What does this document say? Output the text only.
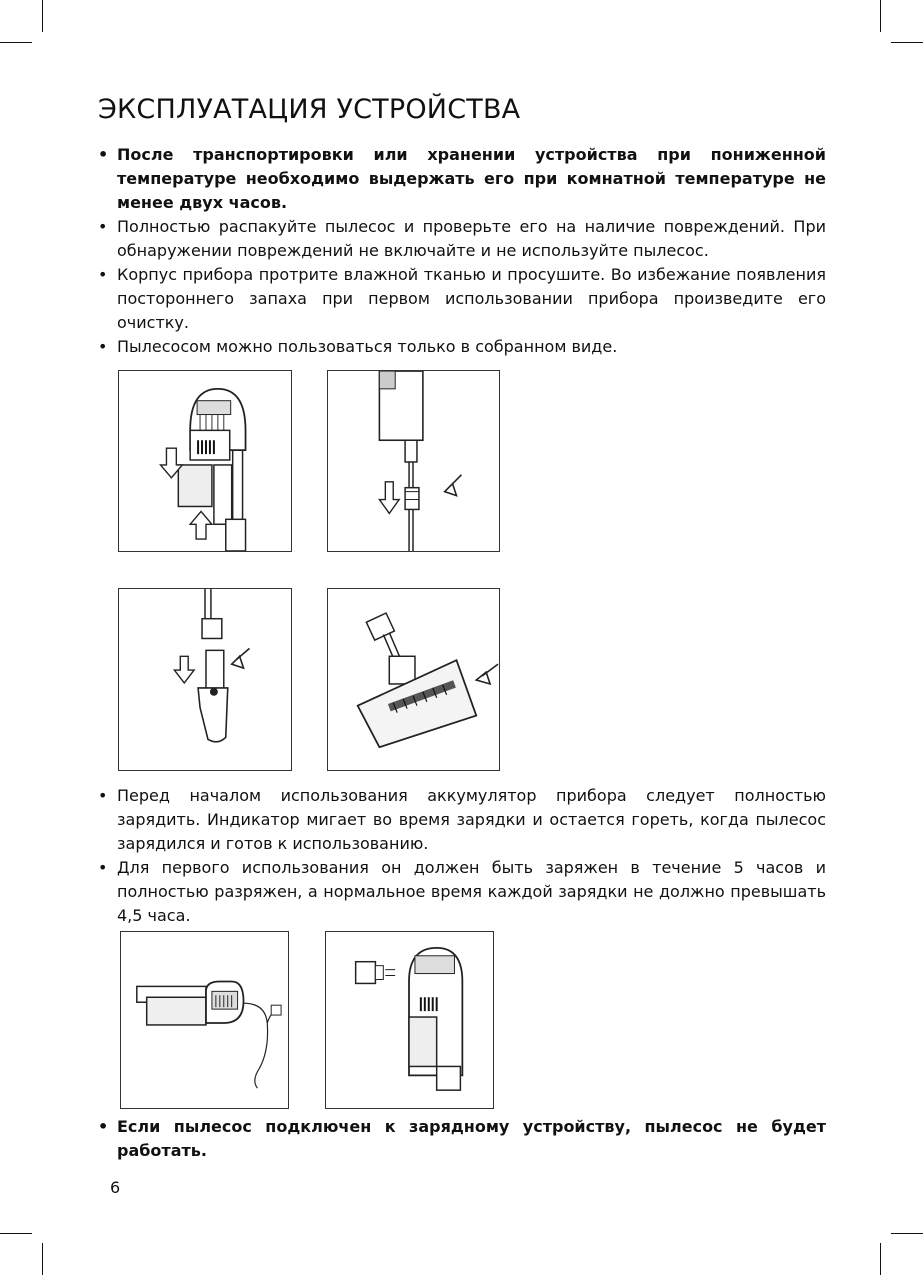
ЭКСПЛУАТАЦИЯ УСТРОЙСТВА
• После транспортировки или хранении устройства при пониженной температуре необходимо выдержать его при комнатной температуре не менее двух часов.
• Полностью распакуйте пылесос и проверьте его на наличие повреждений. При обнаружении повреждений не включайте и не используйте пылесос.
• Корпус прибора протрите влажной тканью и просушите. Во избежание появления постороннего запаха при первом использовании прибора произведите его очистку.
• Пылесосом можно пользоваться только в собранном виде.
• Перед началом использования аккумулятор прибора следует полностью зарядить. Индикатор мигает во время зарядки и остается гореть, когда пылесос зарядился и готов к использованию.
• Для первого использования он должен быть заряжен в течение 5 часов и полностью разряжен, а нормальное время каждой зарядки не должно превышать 4,5 часа.
• Если пылесос подключен к зарядному устройству, пылесос не будет работать.
6
